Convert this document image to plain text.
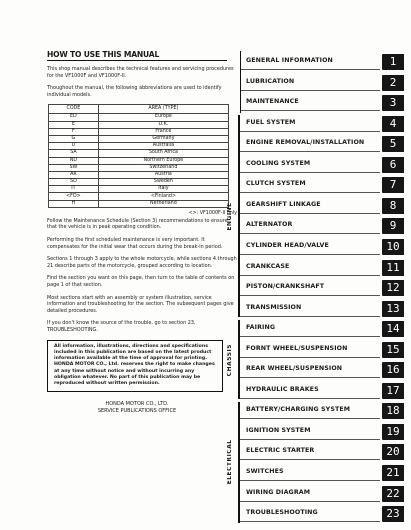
HOW TO USE THIS MANUAL

This shop manual describes the technical features and servicing procedures for the VF1000F and VF1000F-II.

Thoughout the manual, the following abbreviations are used to identify individual models.

CODE	AREA (TYPE)
ED	Europe
E	U.K.
F	France
G	Germany
U	Australia
SA	South Africa
ND	Northern Europe
SW	Switzerland
AR	Austria
SD	Sweden
IT	Italy
<FO>	<Finland>
H	Netherland
<>: VF1000F-II only

Follow the Maintenance Schedule (Section 3) recommendations to ensure that the vehicle is in peak operating condition.

Performing the first scheduled maintenance is very important. It compensates for the initial wear that occurs during the break-in period.

Sections 1 through 3 apply to the whole motorcycle, while sections 4 through 21 describe parts of the motorcycle, grouped according to location.

Find the section you want on this page, then turn to the table of contents on page 1 of that section.

Most sections start with an assembly or system illustration, service information and troubleshooting for the section. The subsequent pages give detailed procedures.

If you don't know the source of the trouble, go to section 23, TROUBLESHOOTING.

All information, illustrations, directions and specifications included in this publication are based on the latest product information available at the time of approval for printing. HONDA MOTOR CO., Ltd. reserves the right to make changes at any time without notice and without incurring any obligation whatever. No part of this publication may be reproduced without written permission.
HONDA MOTOR CO., LTD.
SERVICE PUBLICATIONS OFFICE
GENERAL INFORMATION	1
LUBRICATION	2
MAINTENANCE	3
FUEL SYSTEM	4
ENGINE REMOVAL/INSTALLATION	5
COOLING SYSTEM	6
CLUTCH SYSTEM	7
GEARSHIFT LINKAGE	8
ALTERNATOR	9
CYLINDER HEAD/VALVE	10
CRANKCASE	11
PISTON/CRANKSHAFT	12
TRANSMISSION	13
FAIRING	14
FORNT WHEEL/SUSPENSION	15
REAR WHEEL/SUSPENSION	16
HYDRAULIC BRAKES	17
BATTERY/CHARGING SYSTEM	18
IGNITION SYSTEM	19
ELECTRIC STARTER	20
SWITCHES	21
WIRING DIAGRAM	22
TROUBLESHOOTING	23
ENGINE
CHASSIS
ELECTRICAL
